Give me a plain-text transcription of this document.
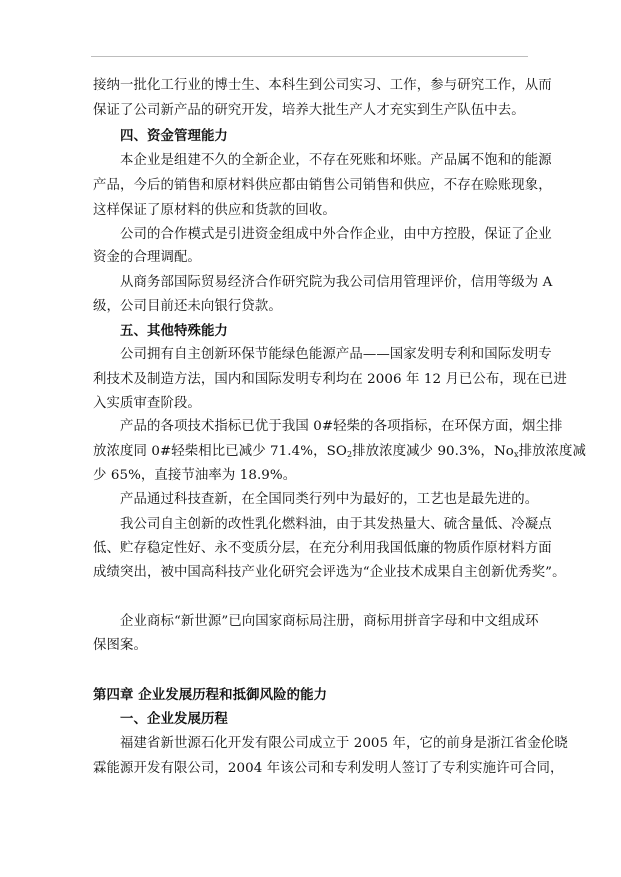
接纳一批化工行业的博士生、本科生到公司实习、工作，参与研究工作，从而
保证了公司新产品的研究开发，培养大批生产人才充实到生产队伍中去。
四、资金管理能力
本企业是组建不久的全新企业，不存在死账和坏账。产品属不饱和的能源
产品，今后的销售和原材料供应都由销售公司销售和供应，不存在赊账现象，
这样保证了原材料的供应和货款的回收。
公司的合作模式是引进资金组成中外合作企业，由中方控股，保证了企业
资金的合理调配。
从商务部国际贸易经济合作研究院为我公司信用管理评价，信用等级为 A
级，公司目前还未向银行贷款。
五、其他特殊能力
公司拥有自主创新环保节能绿色能源产品——国家发明专利和国际发明专
利技术及制造方法，国内和国际发明专利均在 2006 年 12 月已公布，现在已进
入实质审查阶段。
产品的各项技术指标已优于我国 0#轻柴的各项指标，在环保方面，烟尘排
放浓度同 0#轻柴相比已减少 71.4%，$SO_2$排放浓度减少 90.3%，$No_x$排放浓度减
少 65%，直接节油率为 18.9%。
产品通过科技查新，在全国同类行列中为最好的，工艺也是最先进的。
我公司自主创新的改性乳化燃料油，由于其发热量大、硫含量低、冷凝点
低、贮存稳定性好、永不变质分层，在充分利用我国低廉的物质作原材料方面
成绩突出，被中国高科技产业化研究会评选为“企业技术成果自主创新优秀奖”。
企业商标“新世源”已向国家商标局注册，商标用拼音字母和中文组成环
保图案。
第四章 企业发展历程和抵御风险的能力
一、企业发展历程
福建省新世源石化开发有限公司成立于 2005 年，它的前身是浙江省金伦晓
霖能源开发有限公司，2004 年该公司和专利发明人签订了专利实施许可合同，
